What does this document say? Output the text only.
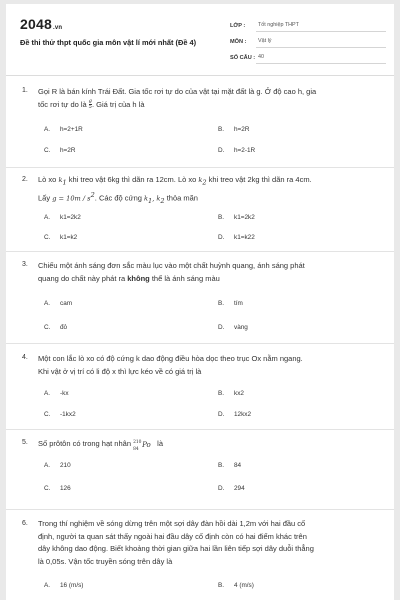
2048.vn
Đề thi thử thpt quốc gia môn vật lí mới nhất (Đề 4)
LỚP :	Tốt nghiệp THPT
MÔN :	Vật lý
SỐ CÂU : 40
1. Gọi R là bán kính Trái Đất. Gia tốc rơi tự do của vật tại mặt đất là g. Ở độ cao h, gia
tốc rơi tự do là $\frac{g}{5}$ . Giá trị của h là
A. h=2+1R	B. h=2R
C. h=2R	D. h=2-1R
2. Lò xo $k_1$ khi treo vật 6kg thì dãn ra 12cm. Lò xo $k_2$ khi treo vật 2kg thì dãn ra 4cm.
Lấy $g = 10m / s^2$. Các độ cứng $k_1$, $k_2$ thỏa mãn
A. k1=2k2	B. k1=2k2
C. k1=k2	D. k1=k22
3. Chiếu một ánh sáng đơn sắc màu lục vào một chất huỳnh quang, ánh sáng phát
quang do chất này phát ra không thể là ánh sáng màu
A. cam	B. tím
C. đỏ	D. vàng
4. Một con lắc lò xo có độ cứng k dao động điều hòa dọc theo trục Ox nằm ngang.
Khi vật ở vị trí có li độ x thì lực kéo về có giá trị là
A. -kx	B. kx2
C. -1kx2	D. 12kx2
5. Số prôtôn có trong hạt nhân 210
84
Po là
A. 210	B. 84
C. 126	D. 294
6. Trong thí nghiệm về sóng dừng trên một sợi dây đàn hồi dài 1,2m với hai đầu cố
định, người ta quan sát thấy ngoài hai đầu dây cố định còn có hai điểm khác trên
dây không dao động. Biết khoảng thời gian giữa hai lần liên tiếp sợi dây duỗi thẳng
là 0,05s. Vận tốc truyền sóng trên dây là
A. 16 (m/s)	B. 4 (m/s)
